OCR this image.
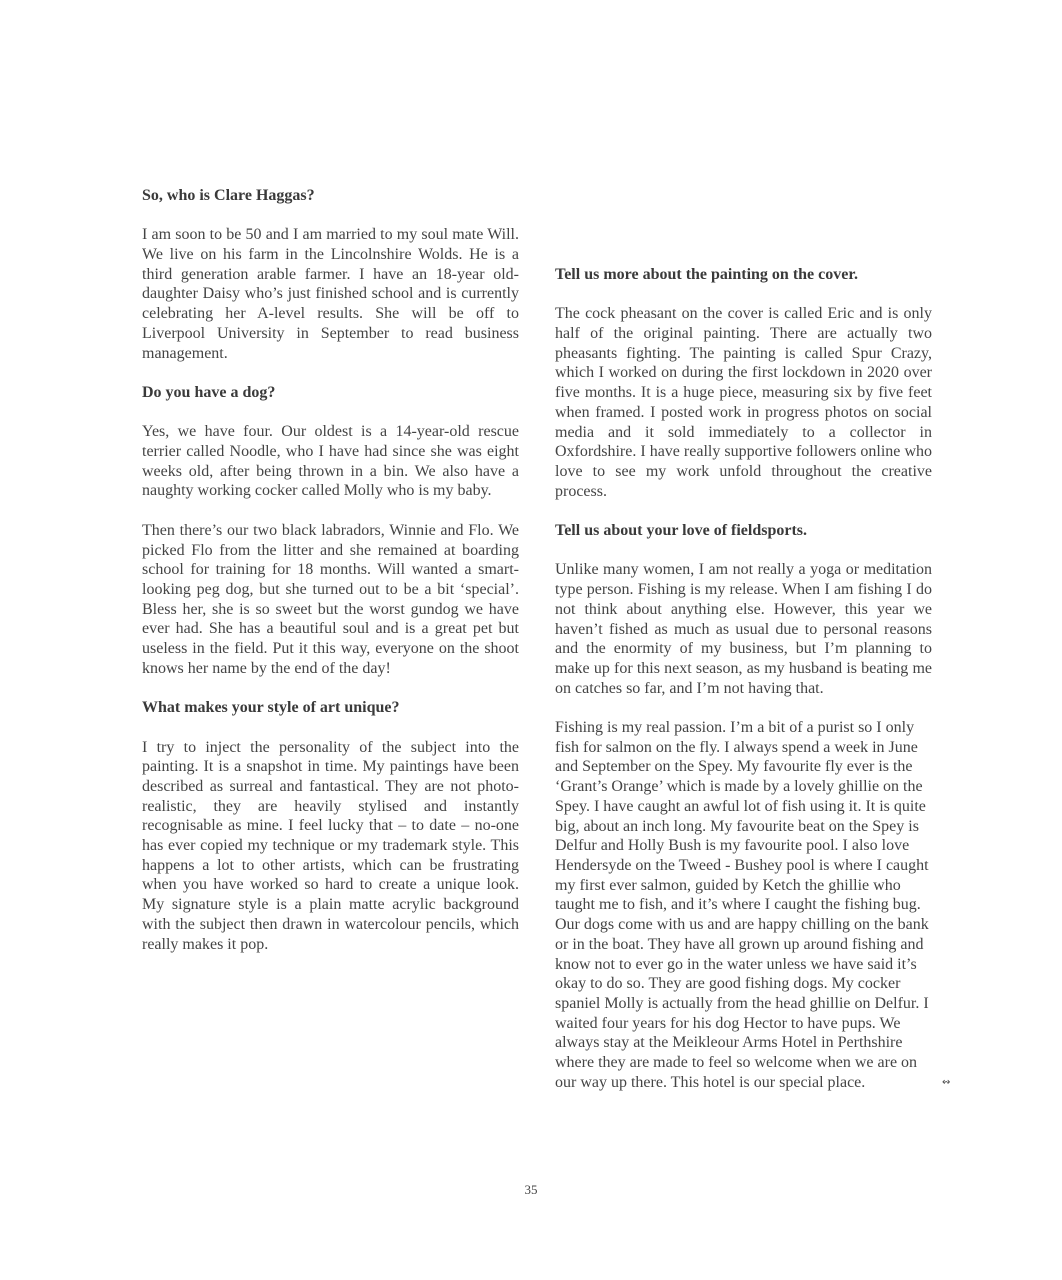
So, who is Clare Haggas?

I am soon to be 50 and I am married to my soul mate Will. We live on his farm in the Lincolnshire Wolds. He is a third generation arable farmer. I have an 18-year old-daughter Daisy who’s just finished school and is currently celebrating her A-level results. She will be off to Liverpool University in September to read business management.

Do you have a dog?

Yes, we have four. Our oldest is a 14-year-old rescue terrier called Noodle, who I have had since she was eight weeks old, after being thrown in a bin. We also have a naughty working cocker called Molly who is my baby.

Then there’s our two black labradors, Winnie and Flo. We picked Flo from the litter and she remained at boarding school for training for 18 months. Will wanted a smart-looking peg dog, but she turned out to be a bit ‘special’. Bless her, she is so sweet but the worst gundog we have ever had. She has a beautiful soul and is a great pet but useless in the field. Put it this way, everyone on the shoot knows her name by the end of the day!

What makes your style of art unique?

I try to inject the personality of the subject into the painting. It is a snapshot in time. My paintings have been described as surreal and fantastical. They are not photo-realistic, they are heavily stylised and instantly recognisable as mine. I feel lucky that – to date – no-one has ever copied my technique or my trademark style. This happens a lot to other artists, which can be frustrating when you have worked so hard to create a unique look. My signature style is a plain matte acrylic background with the subject then drawn in watercolour pencils, which really makes it pop.

Tell us more about the painting on the cover.

The cock pheasant on the cover is called Eric and is only half of the original painting. There are actually two pheasants fighting. The painting is called Spur Crazy, which I worked on during the first lockdown in 2020 over five months. It is a huge piece, measuring six by five feet when framed. I posted work in progress photos on social media and it sold immediately to a collector in Oxfordshire. I have really supportive followers online who love to see my work unfold throughout the creative process.

Tell us about your love of fieldsports.

Unlike many women, I am not really a yoga or meditation type person. Fishing is my release. When I am fishing I do not think about anything else. However, this year we haven’t fished as much as usual due to personal reasons and the enormity of my business, but I’m planning to make up for this next season, as my husband is beating me on catches so far, and I’m not having that.

Fishing is my real passion. I’m a bit of a purist so I only fish for salmon on the fly. I always spend a week in June and September on the Spey. My favourite fly ever is the ‘Grant’s Orange’ which is made by a lovely ghillie on the Spey. I have caught an awful lot of fish using it. It is quite big, about an inch long. My favourite beat on the Spey is Delfur and Holly Bush is my favourite pool. I also love Hendersyde on the Tweed - Bushey pool is where I caught my first ever salmon, guided by Ketch the ghillie who taught me to fish, and it’s where I caught the fishing bug. Our dogs come with us and are happy chilling on the bank or in the boat. They have all grown up around fishing and know not to ever go in the water unless we have said it’s okay to do so. They are good fishing dogs. My cocker spaniel Molly is actually from the head ghillie on Delfur. I waited four years for his dog Hector to have pups. We always stay at the Meikleour Arms Hotel in Perthshire where they are made to feel so welcome when we are on our way up there. This hotel is our special place.	↭
35
